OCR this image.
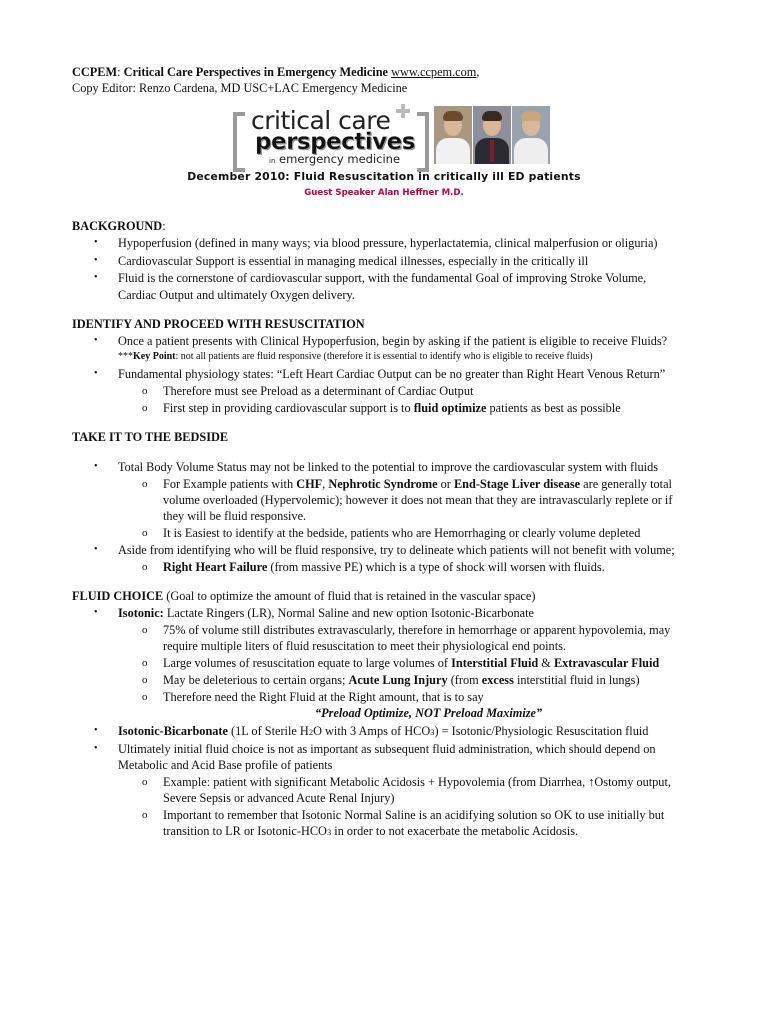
CCPEM: Critical Care Perspectives in Emergency Medicine www.ccpem.com,
Copy Editor: Renzo Cardena, MD USC+LAC Emergency Medicine
critical care
perspectives
in emergency medicine
December 2010: Fluid Resuscitation in critically ill ED patients
Guest Speaker Alan Heffner M.D.
BACKGROUND:
• Hypoperfusion (defined in many ways; via blood pressure, hyperlactatemia, clinical malperfusion or oliguria)
• Cardiovascular Support is essential in managing medical illnesses, especially in the critically ill
• Fluid is the cornerstone of cardiovascular support, with the fundamental Goal of improving Stroke Volume,
Cardiac Output and ultimately Oxygen delivery.
IDENTIFY AND PROCEED WITH RESUSCITATION
• Once a patient presents with Clinical Hypoperfusion, begin by asking if the patient is eligible to receive Fluids?
***Key Point: not all patients are fluid responsive (therefore it is essential to identify who is eligible to receive fluids)
• Fundamental physiology states: “Left Heart Cardiac Output can be no greater than Right Heart Venous Return”
o Therefore must see Preload as a determinant of Cardiac Output
o First step in providing cardiovascular support is to fluid optimize patients as best as possible
TAKE IT TO THE BEDSIDE
• Total Body Volume Status may not be linked to the potential to improve the cardiovascular system with fluids
o For Example patients with CHF, Nephrotic Syndrome or End-Stage Liver disease are generally total
volume overloaded (Hypervolemic); however it does not mean that they are intravascularly replete or if
they will be fluid responsive.
o It is Easiest to identify at the bedside, patients who are Hemorrhaging or clearly volume depleted
• Aside from identifying who will be fluid responsive, try to delineate which patients will not benefit with volume;
o Right Heart Failure (from massive PE) which is a type of shock will worsen with fluids.
FLUID CHOICE (Goal to optimize the amount of fluid that is retained in the vascular space)
• Isotonic: Lactate Ringers (LR), Normal Saline and new option Isotonic-Bicarbonate
o 75% of volume still distributes extravascularly, therefore in hemorrhage or apparent hypovolemia, may
require multiple liters of fluid resuscitation to meet their physiological end points.
o Large volumes of resuscitation equate to large volumes of Interstitial Fluid & Extravascular Fluid
o May be deleterious to certain organs; Acute Lung Injury (from excess interstitial fluid in lungs)
o Therefore need the Right Fluid at the Right amount, that is to say
“Preload Optimize, NOT Preload Maximize”
• Isotonic-Bicarbonate (1L of Sterile H2O with 3 Amps of HCO3) = Isotonic/Physiologic Resuscitation fluid
• Ultimately initial fluid choice is not as important as subsequent fluid administration, which should depend on
Metabolic and Acid Base profile of patients
o Example: patient with significant Metabolic Acidosis + Hypovolemia (from Diarrhea, ↑Ostomy output,
Severe Sepsis or advanced Acute Renal Injury)
o Important to remember that Isotonic Normal Saline is an acidifying solution so OK to use initially but
transition to LR or Isotonic-HCO3 in order to not exacerbate the metabolic Acidosis.
